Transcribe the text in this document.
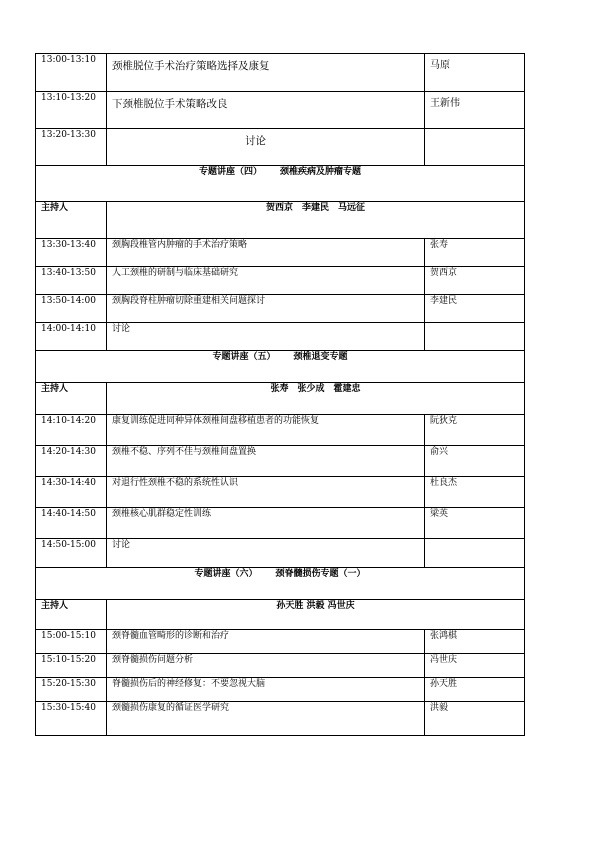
13:00-13:10	颈椎脱位手术治疗策略选择及康复	马原
13:10-13:20	下颈椎脱位手术策略改良	王新伟
13:20-13:30	讨论	
专题讲座（四） 颈椎疾病及肿瘤专题		
主持人	贺西京　李建民　马远征	
13:30-13:40	颈胸段椎管内肿瘤的手术治疗策略	张寿
13:40-13:50	人工颈椎的研制与临床基础研究	贺西京
13:50-14:00	颈胸段脊柱肿瘤切除重建相关问题探讨	李建民
14:00-14:10	讨论	
专题讲座（五） 颈椎退变专题		
主持人	张寿　张少成　霍建忠	
14:10-14:20	康复训练促进同种异体颈椎间盘移植患者的功能恢复	阮狄克
14:20-14:30	颈椎不稳、序列不佳与颈椎间盘置换	俞兴
14:30-14:40	对退行性颈椎不稳的系统性认识	杜良杰
14:40-14:50	颈椎核心肌群稳定性训练	梁英
14:50-15:00	讨论	
专题讲座（六） 颈脊髓损伤专题（一）		
主持人	孙天胜 洪毅 冯世庆	
15:00-15:10	颈脊髓血管畸形的诊断和治疗	张鸿棋
15:10-15:20	颈脊髓损伤问题分析	冯世庆
15:20-15:30	脊髓损伤后的神经修复：不要忽视大脑	孙天胜
15:30-15:40	颈髓损伤康复的循证医学研究	洪毅
